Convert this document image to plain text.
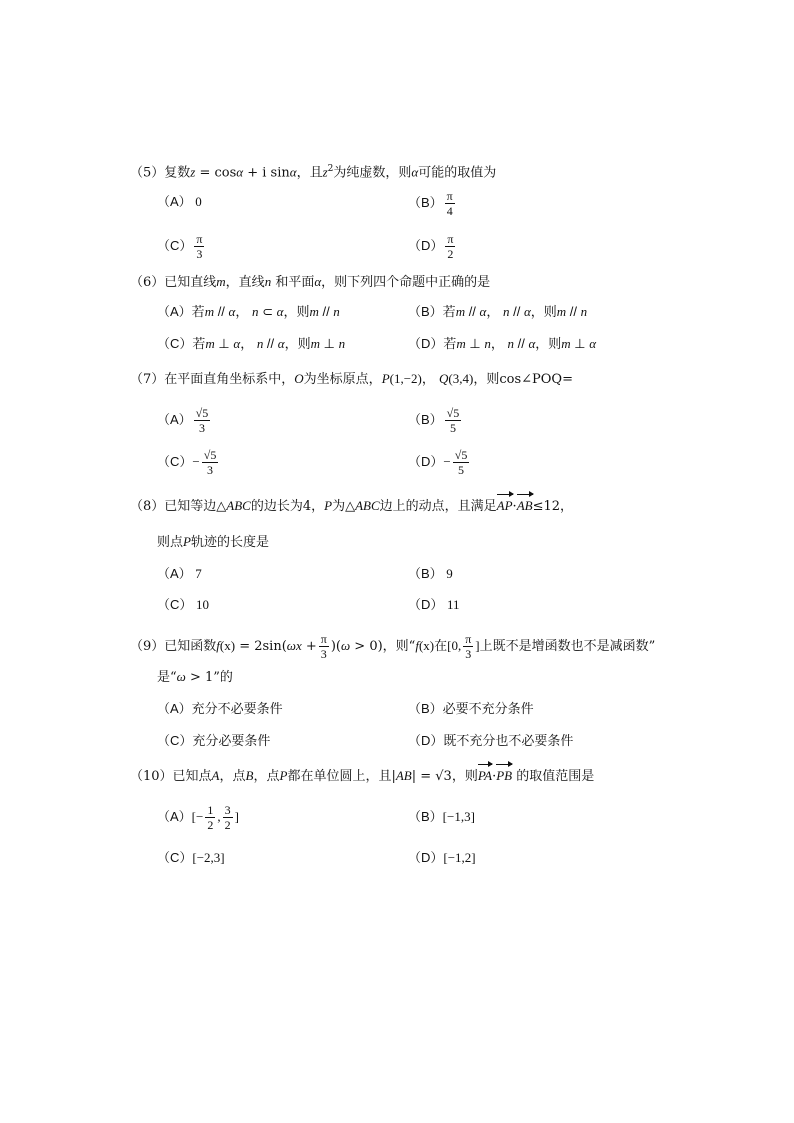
（5）复数z = cosα + i sinα，且$z^2$为纯虚数，则α可能的取值为
（A） 0	$(B) \frac{\pi}{4}$
$(C) \frac{\pi}{3}$	$(D) \frac{\pi}{2}$
（6）已知直线m，直线n 和平面α，则下列四个命题中正确的是
（A）若m // α， n ⊂ α，则m // n	（B）若m // α， n // α，则m // n
（C）若m ⊥ α， n // α，则m ⊥ n	（D）若m ⊥ n， n // α，则m ⊥ α
（7）在平面直角坐标系中，O为坐标原点，P(1,−2)， Q(3,4)，则cos∠POQ=
$(A) \frac{√5}{3}$	$(B) \frac{√5}{5}$
$(C)- \frac{√5}{3}$	$(D)- \frac{√5}{5}$
（8）已知等边△ABC的边长为4，P为△ABC边上的动点，且满足AP·AB≤12，
则点P轨迹的长度是
（A） 7	（B） 9
（C） 10	（D） 11
（9）已知函数$f(x) = 2\sin(\omega x + \frac{\pi}{3} )(\omega > 0)$，则“f(x)在[0, $\frac{\pi}{3}$ ]上既不是增函数也不是减函数”
是“ω > 1”的
（A）充分不必要条件	（B）必要不充分条件
（C）充分必要条件	（D）既不充分也不必要条件
（10）已知点A，点B，点P都在单位圆上，且|AB| = √3，则PA·PB 的取值范围是
$(A)[- \frac{1}{2}$ , $\frac{3}{2}$ ]	（B）[−1,3]
（C）[−2,3]	（D）[−1,2]
